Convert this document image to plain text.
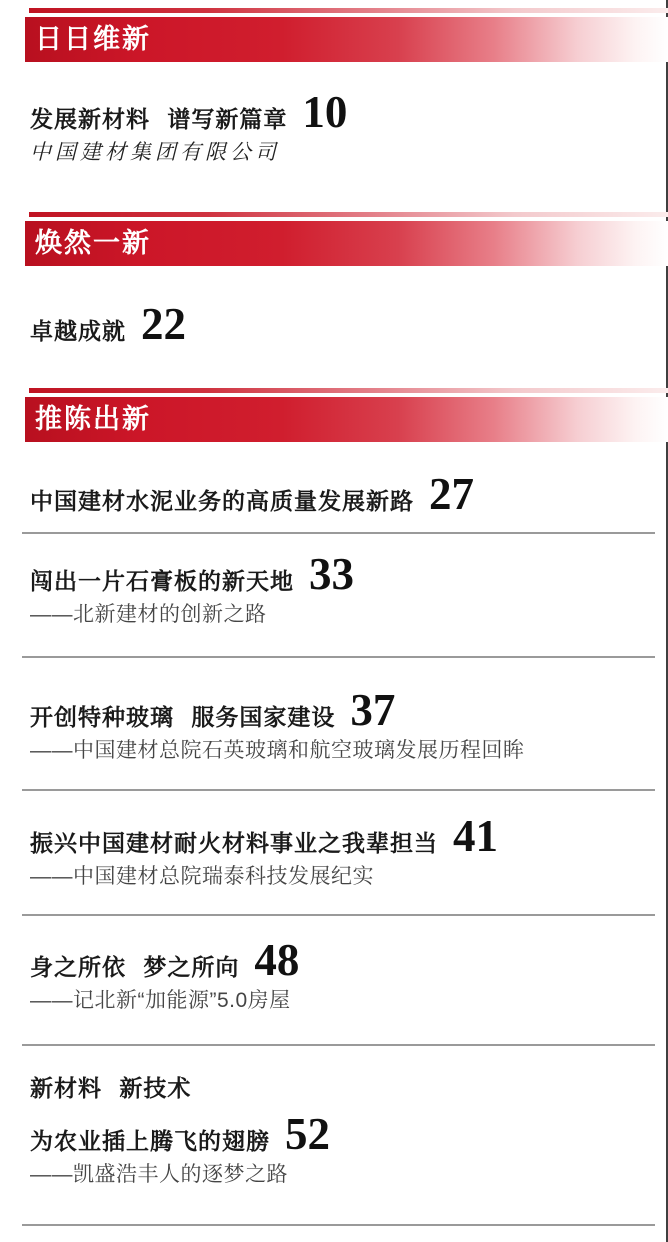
日日维新
发展新材料 谱写新篇章 10
中国建材集团有限公司
焕然一新
卓越成就 22
推陈出新
中国建材水泥业务的高质量发展新路 27
闯出一片石膏板的新天地 33
——北新建材的创新之路
开创特种玻璃 服务国家建设 37
——中国建材总院石英玻璃和航空玻璃发展历程回眸
振兴中国建材耐火材料事业之我辈担当 41
——中国建材总院瑞泰科技发展纪实
身之所依 梦之所向 48
——记北新“加能源”5.0房屋
新材料 新技术
为农业插上腾飞的翅膀 52
——凯盛浩丰人的逐梦之路
